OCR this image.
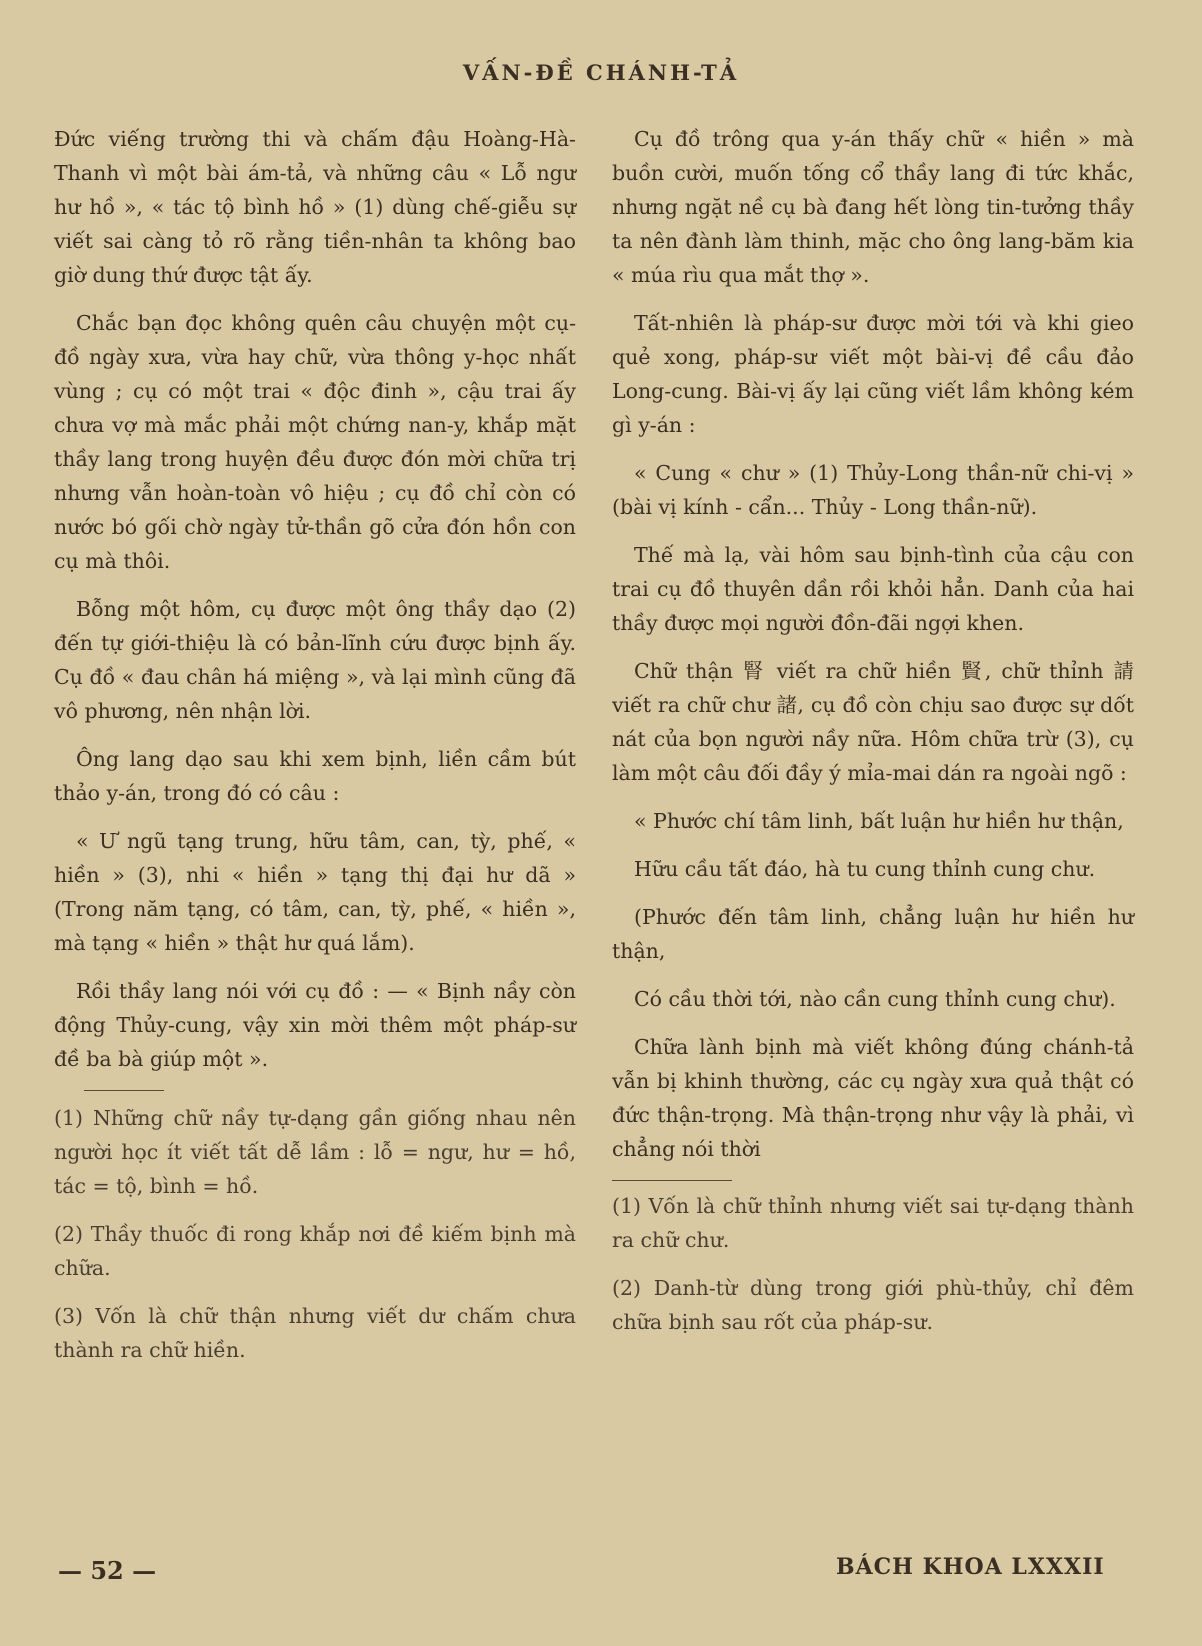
VẤN-ĐỀ CHÁNH-TẢ

Đức viếng trường thi và chấm đậu Hoàng-Hà-Thanh vì một bài ám-tả, và những câu « Lỗ ngư hư hồ », « tác tộ bình hồ » (1) dùng chế-giễu sự viết sai càng tỏ rõ rằng tiền-nhân ta không bao giờ dung thứ được tật ấy.

Chắc bạn đọc không quên câu chuyện một cụ-đồ ngày xưa, vừa hay chữ, vừa thông y-học nhất vùng ; cụ có một trai « độc đinh », cậu trai ấy chưa vợ mà mắc phải một chứng nan-y, khắp mặt thầy lang trong huyện đều được đón mời chữa trị nhưng vẫn hoàn-toàn vô hiệu ; cụ đồ chỉ còn có nước bó gối chờ ngày tử-thần gõ cửa đón hồn con cụ mà thôi.

Bỗng một hôm, cụ được một ông thầy dạo (2) đến tự giới-thiệu là có bản-lĩnh cứu được bịnh ấy. Cụ đồ « đau chân há miệng », và lại mình cũng đã vô phương, nên nhận lời.

Ông lang dạo sau khi xem bịnh, liền cầm bút thảo y-án, trong đó có câu :

« Ư ngũ tạng trung, hữu tâm, can, tỳ, phế, « hiền » (3), nhi « hiền » tạng thị đại hư dã » (Trong năm tạng, có tâm, can, tỳ, phế, « hiền », mà tạng « hiền » thật hư quá lắm).

Rồi thầy lang nói với cụ đồ : — « Bịnh nầy còn động Thủy-cung, vậy xin mời thêm một pháp-sư đề ba bà giúp một ».

(1) Những chữ nầy tự-dạng gần giống nhau nên người học ít viết tất dễ lầm : lỗ = ngư, hư = hồ, tác = tộ, bình = hồ.

(2) Thầy thuốc đi rong khắp nơi đề kiếm bịnh mà chữa.

(3) Vốn là chữ thận nhưng viết dư chấm chưa thành ra chữ hiền.

Cụ đồ trông qua y-án thấy chữ « hiền » mà buồn cười, muốn tống cổ thầy lang đi tức khắc, nhưng ngặt nề cụ bà đang hết lòng tin-tưởng thầy ta nên đành làm thinh, mặc cho ông lang-băm kia « múa rìu qua mắt thợ ».

Tất-nhiên là pháp-sư được mời tới và khi gieo quẻ xong, pháp-sư viết một bài-vị đề cầu đảo Long-cung. Bài-vị ấy lại cũng viết lầm không kém gì y-án :

« Cung « chư » (1) Thủy-Long thần-nữ chi-vị » (bài vị kính - cẩn... Thủy - Long thần-nữ).

Thế mà lạ, vài hôm sau bịnh-tình của cậu con trai cụ đồ thuyên dần rồi khỏi hẳn. Danh của hai thầy được mọi người đồn-đãi ngợi khen.

Chữ thận 腎 viết ra chữ hiền 賢, chữ thỉnh 請 viết ra chữ chư 諸, cụ đồ còn chịu sao được sự dốt nát của bọn người nầy nữa. Hôm chữa trừ (3), cụ làm một câu đối đầy ý mỉa-mai dán ra ngoài ngõ :

« Phước chí tâm linh, bất luận hư hiền hư thận,

Hữu cầu tất đáo, hà tu cung thỉnh cung chư.

(Phước đến tâm linh, chẳng luận hư hiền hư thận,

Có cầu thời tới, nào cần cung thỉnh cung chư).

Chữa lành bịnh mà viết không đúng chánh-tả vẫn bị khinh thường, các cụ ngày xưa quả thật có đức thận-trọng. Mà thận-trọng như vậy là phải, vì chẳng nói thời

(1) Vốn là chữ thỉnh nhưng viết sai tự-dạng thành ra chữ chư.

(2) Danh-từ dùng trong giới phù-thủy, chỉ đêm chữa bịnh sau rốt của pháp-sư.

— 52 —	BÁCH KHOA LXXXII
